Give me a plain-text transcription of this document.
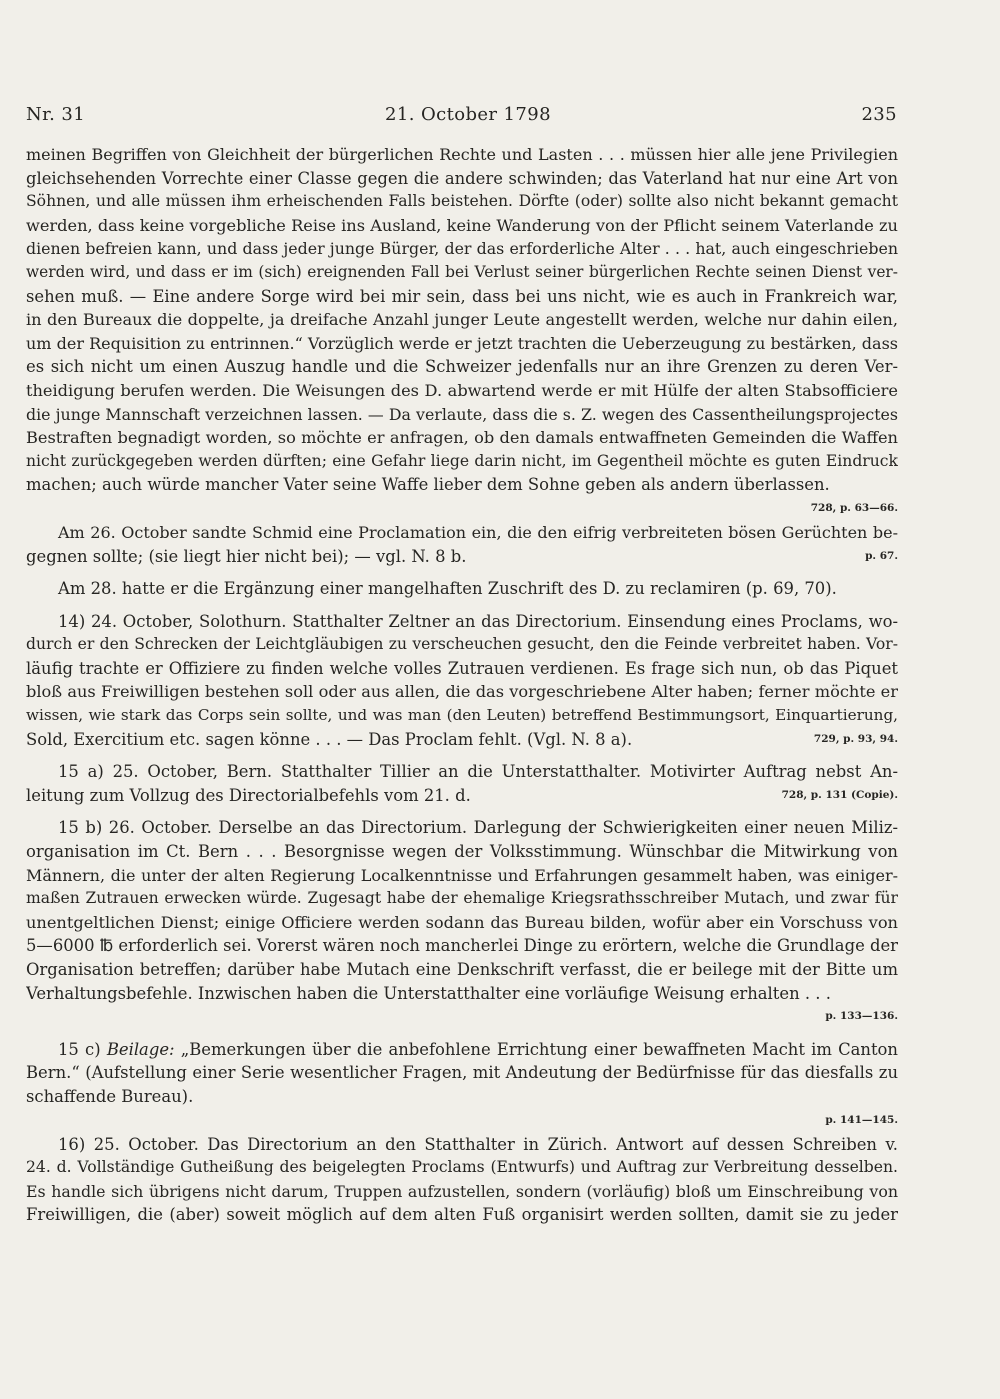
Nr. 31	21. October 1798	235
meinen Begriffen von Gleichheit der bürgerlichen Rechte und Lasten . . . müssen hier alle jene Privilegien
gleichsehenden Vorrechte einer Classe gegen die andere schwinden; das Vaterland hat nur eine Art von
Söhnen, und alle müssen ihm erheischenden Falls beistehen. Dörfte (oder) sollte also nicht bekannt gemacht
werden, dass keine vorgebliche Reise ins Ausland, keine Wanderung von der Pflicht seinem Vaterlande zu
dienen befreien kann, und dass jeder junge Bürger, der das erforderliche Alter . . . hat, auch eingeschrieben
werden wird, und dass er im (sich) ereignenden Fall bei Verlust seiner bürgerlichen Rechte seinen Dienst ver-
sehen muß. — Eine andere Sorge wird bei mir sein, dass bei uns nicht, wie es auch in Frankreich war,
in den Bureaux die doppelte, ja dreifache Anzahl junger Leute angestellt werden, welche nur dahin eilen,
um der Requisition zu entrinnen.“ Vorzüglich werde er jetzt trachten die Ueberzeugung zu bestärken, dass
es sich nicht um einen Auszug handle und die Schweizer jedenfalls nur an ihre Grenzen zu deren Ver-
theidigung berufen werden. Die Weisungen des D. abwartend werde er mit Hülfe der alten Stabsofficiere
die junge Mannschaft verzeichnen lassen. — Da verlaute, dass die s. Z. wegen des Cassentheilungsprojectes
Bestraften begnadigt worden, so möchte er anfragen, ob den damals entwaffneten Gemeinden die Waffen
nicht zurückgegeben werden dürften; eine Gefahr liege darin nicht, im Gegentheil möchte es guten Eindruck
machen; auch würde mancher Vater seine Waffe lieber dem Sohne geben als andern überlassen.
728, p. 63—66.
Am 26. October sandte Schmid eine Proclamation ein, die den eifrig verbreiteten bösen Gerüchten be-
gegnen sollte; (sie liegt hier nicht bei); — vgl. N. 8 b.	p. 67.
Am 28. hatte er die Ergänzung einer mangelhaften Zuschrift des D. zu reclamiren (p. 69, 70).
14) 24. October, Solothurn. Statthalter Zeltner an das Directorium. Einsendung eines Proclams, wo-
durch er den Schrecken der Leichtgläubigen zu verscheuchen gesucht, den die Feinde verbreitet haben. Vor-
läufig trachte er Offiziere zu finden welche volles Zutrauen verdienen. Es frage sich nun, ob das Piquet
bloß aus Freiwilligen bestehen soll oder aus allen, die das vorgeschriebene Alter haben; ferner möchte er
wissen, wie stark das Corps sein sollte, und was man (den Leuten) betreffend Bestimmungsort, Einquartierung,
Sold, Exercitium etc. sagen könne . . . — Das Proclam fehlt. (Vgl. N. 8 a).	729, p. 93, 94.
15 a) 25. October, Bern. Statthalter Tillier an die Unterstatthalter. Motivirter Auftrag nebst An-
leitung zum Vollzug des Directorialbefehls vom 21. d.	728, p. 131 (Copie).
15 b) 26. October. Derselbe an das Directorium. Darlegung der Schwierigkeiten einer neuen Miliz-
organisation im Ct. Bern . . . Besorgnisse wegen der Volksstimmung. Wünschbar die Mitwirkung von
Männern, die unter der alten Regierung Localkenntnisse und Erfahrungen gesammelt haben, was einiger-
maßen Zutrauen erwecken würde. Zugesagt habe der ehemalige Kriegsrathsschreiber Mutach, und zwar für
unentgeltlichen Dienst; einige Officiere werden sodann das Bureau bilden, wofür aber ein Vorschuss von
5—6000 ℔ erforderlich sei. Vorerst wären noch mancherlei Dinge zu erörtern, welche die Grundlage der
Organisation betreffen; darüber habe Mutach eine Denkschrift verfasst, die er beilege mit der Bitte um
Verhaltungsbefehle. Inzwischen haben die Unterstatthalter eine vorläufige Weisung erhalten . . .
p. 133—136.
15 c) Beilage: „Bemerkungen über die anbefohlene Errichtung einer bewaffneten Macht im Canton
Bern.“ (Aufstellung einer Serie wesentlicher Fragen, mit Andeutung der Bedürfnisse für das diesfalls zu
schaffende Bureau).
p. 141—145.
16) 25. October. Das Directorium an den Statthalter in Zürich. Antwort auf dessen Schreiben v.
24. d. Vollständige Gutheißung des beigelegten Proclams (Entwurfs) und Auftrag zur Verbreitung desselben.
Es handle sich übrigens nicht darum, Truppen aufzustellen, sondern (vorläufig) bloß um Einschreibung von
Freiwilligen, die (aber) soweit möglich auf dem alten Fuß organisirt werden sollten, damit sie zu jeder
